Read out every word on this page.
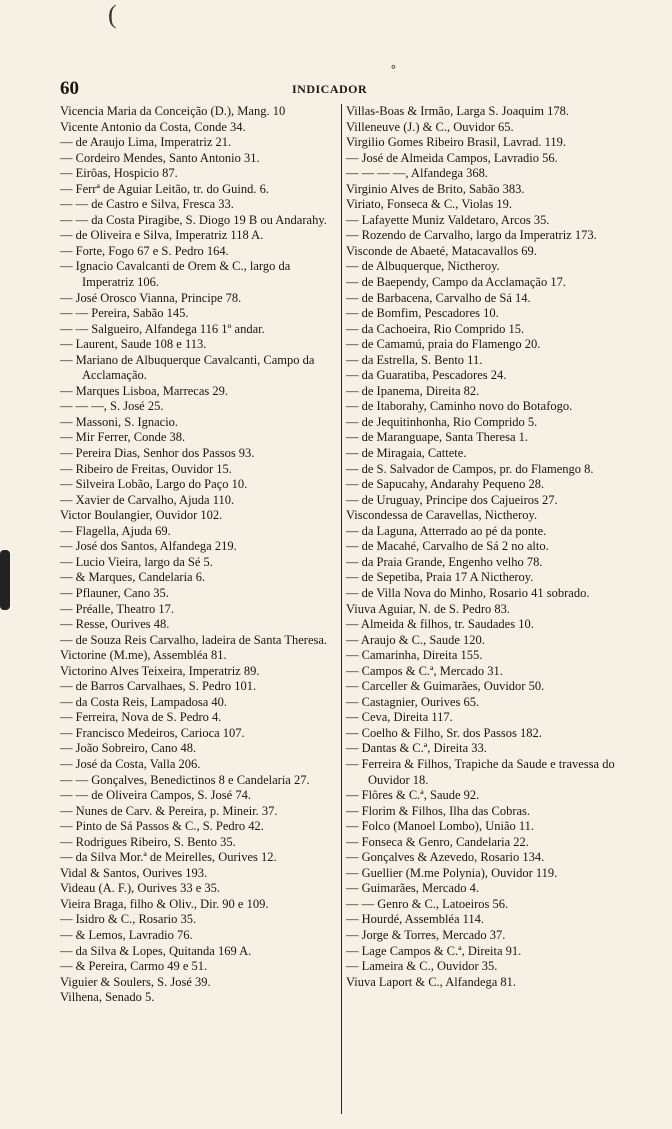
(
°
60	INDICADOR
Vicencia Maria da Conceição (D.), Mang. 10
Vicente Antonio da Costa, Conde 34.
— de Araujo Lima, Imperatriz 21.
— Cordeiro Mendes, Santo Antonio 31.
— Eirôas, Hospicio 87.
— Ferrª de Aguiar Leitão, tr. do Guind. 6.
— — de Castro e Silva, Fresca 33.
— — da Costa Piragibe, S. Diogo 19 B ou Andarahy.
— de Oliveira e Silva, Imperatriz 118 A.
— Forte, Fogo 67 e S. Pedro 164.
— Ignacio Cavalcanti de Orem & C., largo da Imperatriz 106.
— José Orosco Vianna, Principe 78.
— — Pereira, Sabão 145.
— — Salgueiro, Alfandega 116 1º andar.
— Laurent, Saude 108 e 113.
— Mariano de Albuquerque Cavalcanti, Campo da Acclamação.
— Marques Lisboa, Marrecas 29.
— — —, S. José 25.
— Massoni, S. Ignacio.
— Mir Ferrer, Conde 38.
— Pereira Dias, Senhor dos Passos 93.
— Ribeiro de Freitas, Ouvidor 15.
— Silveira Lobão, Largo do Paço 10.
— Xavier de Carvalho, Ajuda 110.
Victor Boulangier, Ouvidor 102.
— Flagella, Ajuda 69.
— José dos Santos, Alfandega 219.
— Lucio Vieira, largo da Sé 5.
— & Marques, Candelaria 6.
— Pflauner, Cano 35.
— Préalle, Theatro 17.
— Resse, Ourives 48.
— de Souza Reis Carvalho, ladeira de Santa Theresa.
Victorine (M.me), Assembléa 81.
Victorino Alves Teixeira, Imperatriz 89.
— de Barros Carvalhaes, S. Pedro 101.
— da Costa Reis, Lampadosa 40.
— Ferreira, Nova de S. Pedro 4.
— Francisco Medeiros, Carioca 107.
— João Sobreiro, Cano 48.
— José da Costa, Valla 206.
— — Gonçalves, Benedictinos 8 e Candelaria 27.
— — de Oliveira Campos, S. José 74.
— Nunes de Carv. & Pereira, p. Mineir. 37.
— Pinto de Sá Passos & C., S. Pedro 42.
— Rodrigues Ribeiro, S. Bento 35.
— da Silva Mor.ª de Meirelles, Ourives 12.
Vidal & Santos, Ourives 193.
Videau (A. F.), Ourives 33 e 35.
Vieira Braga, filho & Oliv., Dir. 90 e 109.
— Isidro & C., Rosario 35.
— & Lemos, Lavradio 76.
— da Silva & Lopes, Quitanda 169 A.
— & Pereira, Carmo 49 e 51.
Viguier & Soulers, S. José 39.
Vilhena, Senado 5.
Villas-Boas & Irmão, Larga S. Joaquim 178.
Villeneuve (J.) & C., Ouvidor 65.
Virgilio Gomes Ribeiro Brasil, Lavrad. 119.
— José de Almeida Campos, Lavradio 56.
— — — —, Alfandega 368.
Virginio Alves de Brito, Sabão 383.
Viriato, Fonseca & C., Violas 19.
— Lafayette Muniz Valdetaro, Arcos 35.
— Rozendo de Carvalho, largo da Imperatriz 173.
Visconde de Abaeté, Matacavallos 69.
— de Albuquerque, Nictheroy.
— de Baependy, Campo da Acclamação 17.
— de Barbacena, Carvalho de Sá 14.
— de Bomfim, Pescadores 10.
— da Cachoeira, Rio Comprido 15.
— de Camamú, praia do Flamengo 20.
— da Estrella, S. Bento 11.
— da Guaratiba, Pescadores 24.
— de Ipanema, Direita 82.
— de Itaborahy, Caminho novo do Botafogo.
— de Jequitinhonha, Rio Comprido 5.
— de Maranguape, Santa Theresa 1.
— de Miragaia, Cattete.
— de S. Salvador de Campos, pr. do Flamengo 8.
— de Sapucahy, Andarahy Pequeno 28.
— de Uruguay, Principe dos Cajueiros 27.
Viscondessa de Caravellas, Nictheroy.
— da Laguna, Atterrado ao pé da ponte.
— de Macahé, Carvalho de Sá 2 no alto.
— da Praia Grande, Engenho velho 78.
— de Sepetiba, Praia 17 A Nictheroy.
— de Villa Nova do Minho, Rosario 41 sobrado.
Viuva Aguiar, N. de S. Pedro 83.
— Almeida & filhos, tr. Saudades 10.
— Araujo & C., Saude 120.
— Camarinha, Direita 155.
— Campos & C.ª, Mercado 31.
— Carceller & Guimarães, Ouvidor 50.
— Castagnier, Ourives 65.
— Ceva, Direita 117.
— Coelho & Filho, Sr. dos Passos 182.
— Dantas & C.ª, Direita 33.
— Ferreira & Filhos, Trapiche da Saude e travessa do Ouvidor 18.
— Flôres & C.ª, Saude 92.
— Florim & Filhos, Ilha das Cobras.
— Folco (Manoel Lombo), União 11.
— Fonseca & Genro, Candelaria 22.
— Gonçalves & Azevedo, Rosario 134.
— Guellier (M.me Polynia), Ouvidor 119.
— Guimarães, Mercado 4.
— — Genro & C., Latoeiros 56.
— Hourdé, Assembléa 114.
— Jorge & Torres, Mercado 37.
— Lage Campos & C.ª, Direita 91.
— Lameira & C., Ouvidor 35.
Viuva Laport & C., Alfandega 81.
